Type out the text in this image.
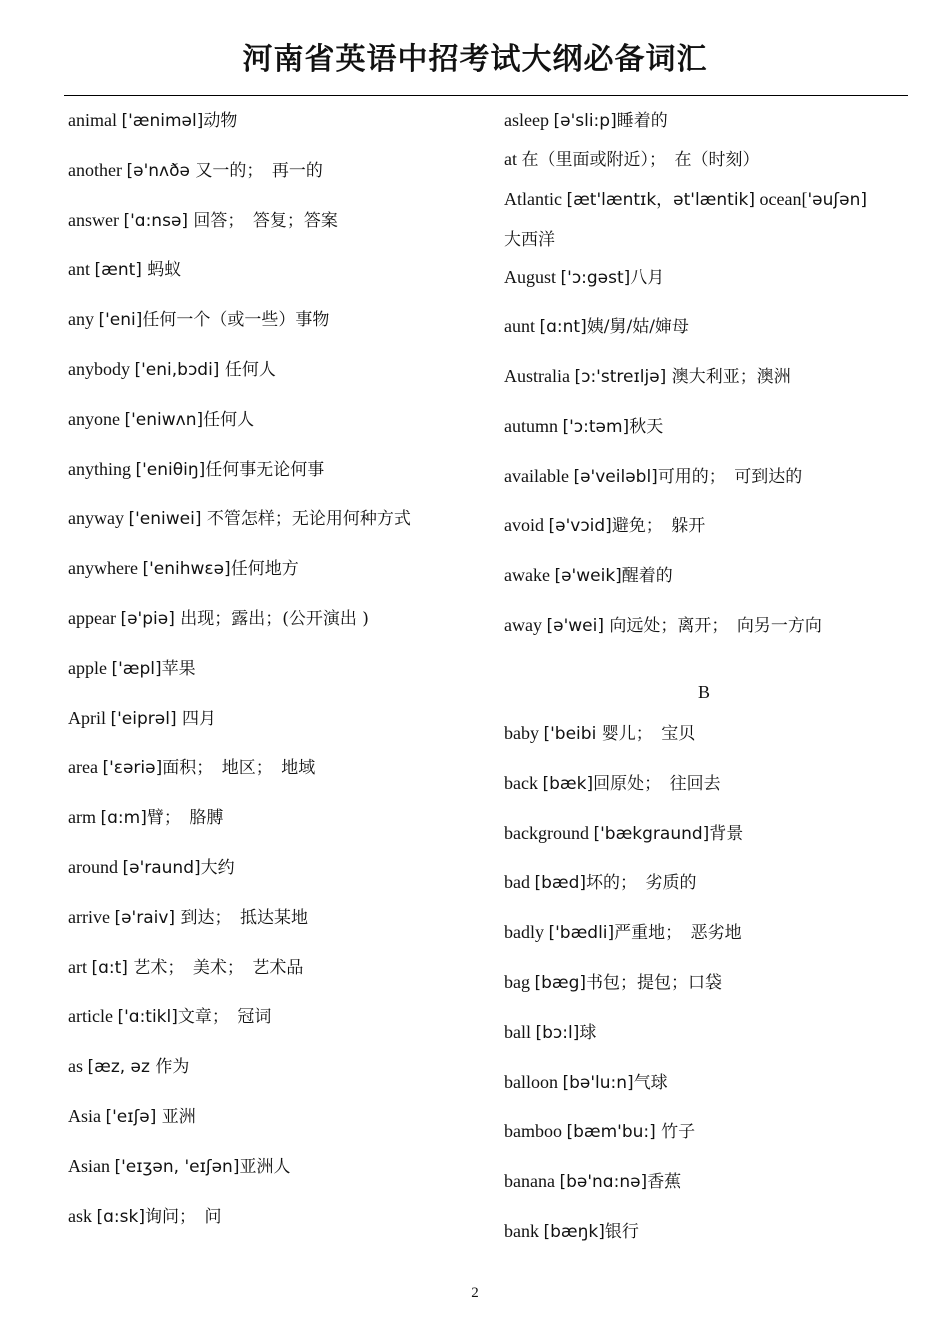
河南省英语中招考试大纲必备词汇
animal ['ænimәl]动物
another [ә'nʌðә 又一的；　再一的
answer ['ɑ:nsә] 回答；　答复；答案
ant [ænt] 蚂蚁
any ['eni]任何一个（或一些）事物
anybody ['eni,bɔdi] 任何人
anyone ['eniwʌn]任何人
anything ['eniθiŋ]任何事无论何事
anyway ['eniwei] 不管怎样；无论用何种方式
anywhere ['enihwεә]任何地方
appear [ә'piә] 出现；露出；(公开演出 )
apple ['æpl]苹果
April ['eiprәl] 四月
area ['εәriә]面积；　地区；　地域
arm [ɑ:m]臂；　胳膊
around [ә'raund]大约
arrive [ә'raiv] 到达；　抵达某地
art [ɑ:t] 艺术；　美术；　艺术品
article ['ɑ:tikl]文章；　冠词
as [æz, әz 作为
Asia ['eɪʃә] 亚洲
Asian ['eɪʒәn, 'eɪʃәn]亚洲人
ask [ɑ:sk]询问；　问
asleep [ә'sli:p]睡着的
at 在（里面或附近）；　在（时刻）
Atlantic [æt'læntɪk，әt'læntik] ocean['әuʃәn]
大西洋
August ['ɔ:gәst]八月
aunt [ɑ:nt]姨/舅/姑/婶母
Australia [ɔ:'streɪljә] 澳大利亚；澳洲
autumn ['ɔ:tәm]秋天
available [ә'veilәbl]可用的；　可到达的
avoid [ә'vɔid]避免；　躲开
awake [ә'weik]醒着的
away [ә'wei] 向远处；离开；　向另一方向
baby ['beibi 婴儿；　宝贝
back [bæk]回原处；　往回去
background ['bækgraund]背景
bad [bæd]坏的；　劣质的
badly ['bædli]严重地；　恶劣地
bag [bæg]书包；提包；口袋
ball [bɔ:l]球
balloon [bә'lu:n]气球
bamboo [bæm'bu:] 竹子
banana [bә'nɑ:nә]香蕉
bank [bæŋk]银行
B
2
